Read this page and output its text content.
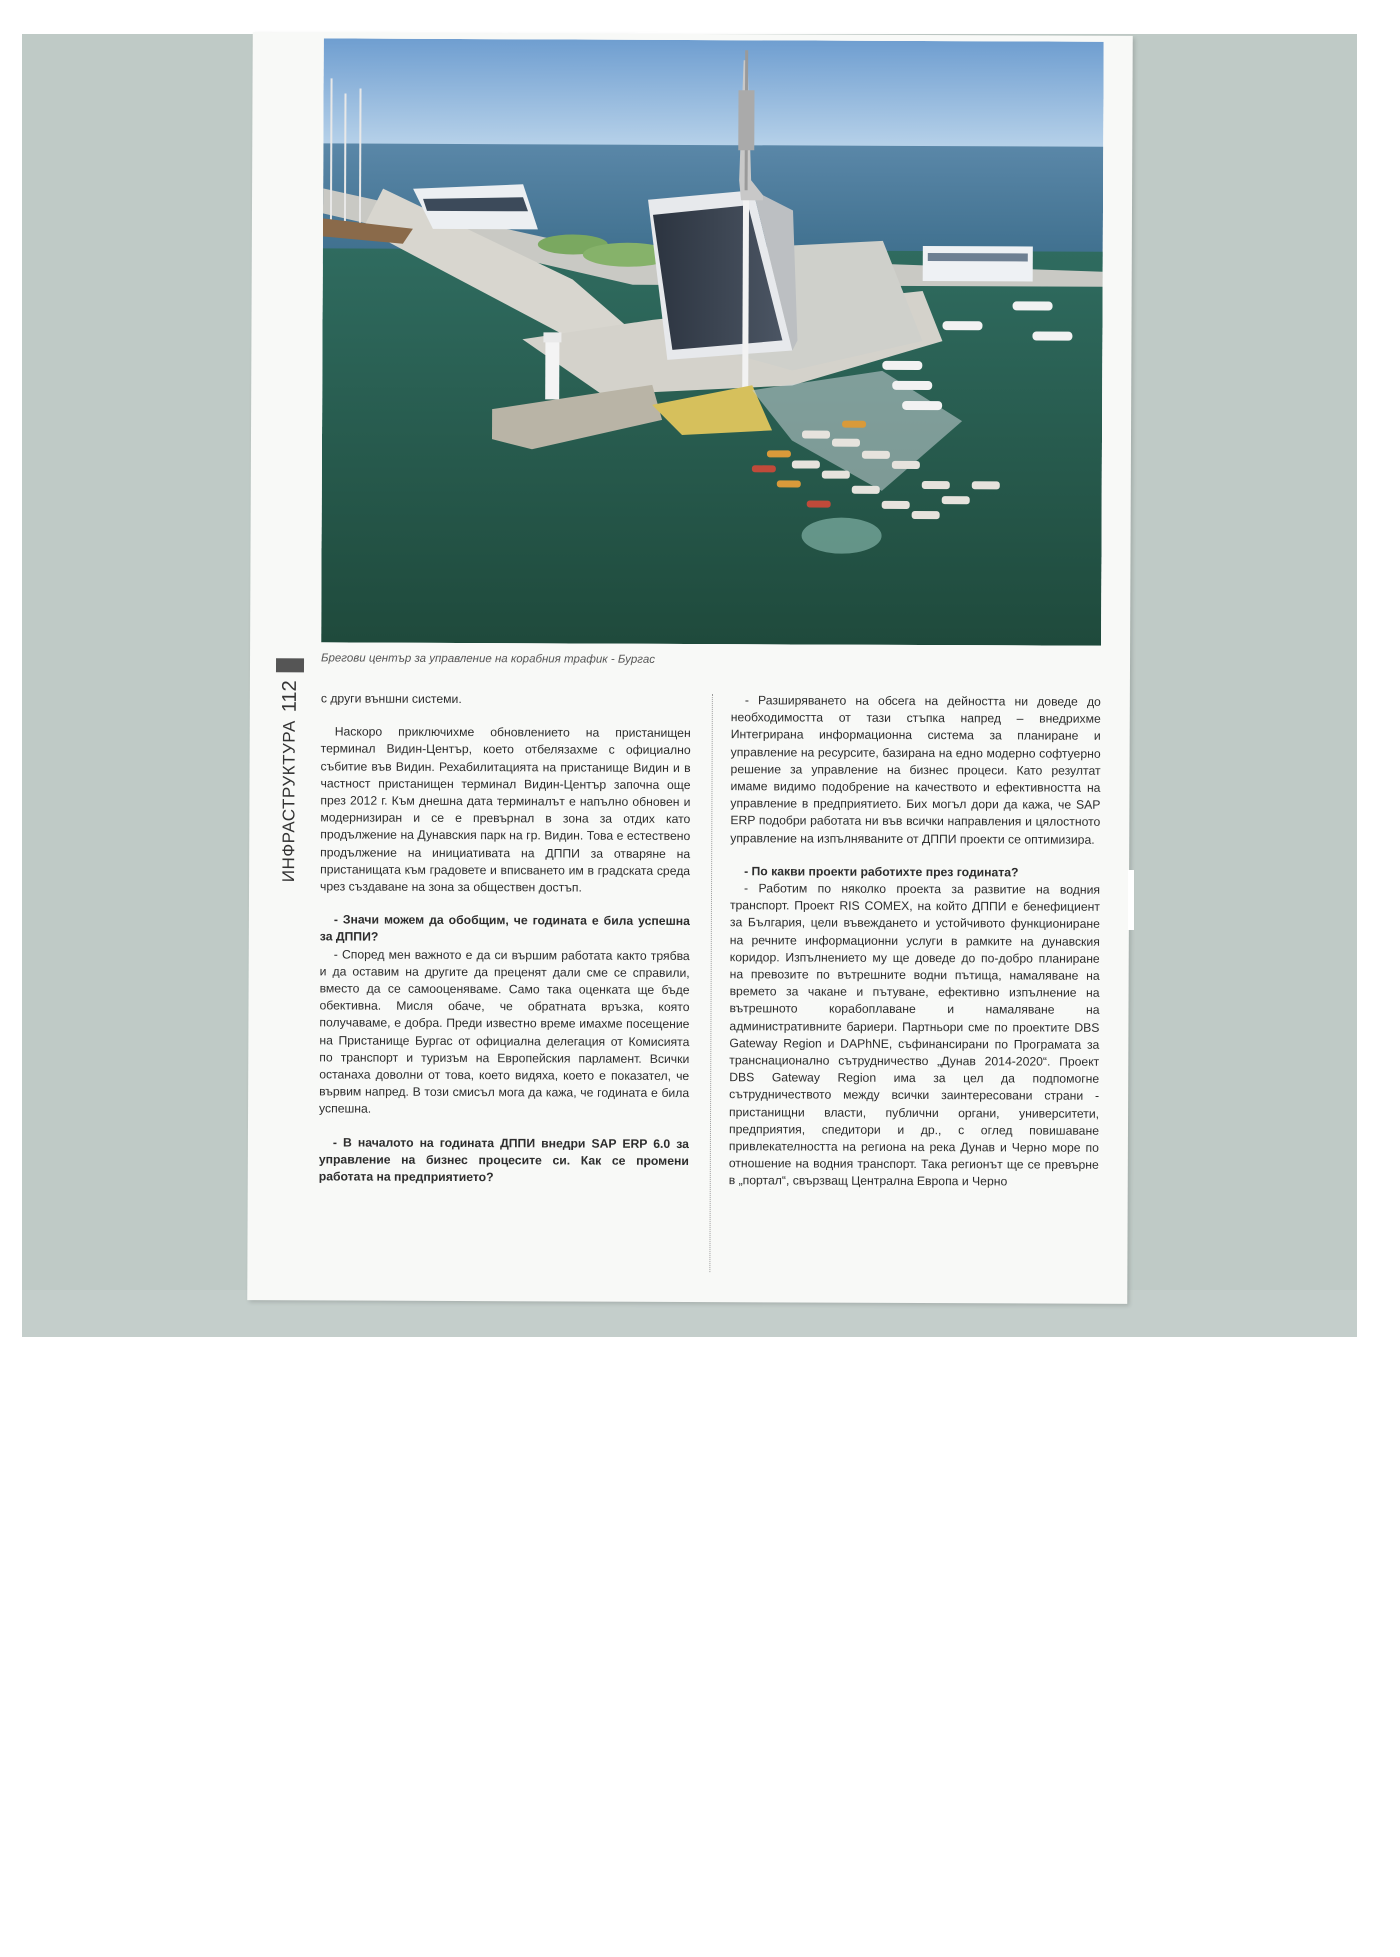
Брегови център за управление на корабния трафик - Бургас
ИНФРАСТРУКТУРА
112 с други външни системи.

Наскоро приключихме обновлението на пристанищен терминал Видин-Център, което отбелязахме с официално събитие във Видин. Рехабилитацията на пристанище Видин и в частност пристанищен терминал Видин-Център започна още през 2012 г. Към днешна дата терминалът е напълно обновен и модернизиран и се е превърнал в зона за отдих като продължение на Дунавския парк на гр. Видин. Това е естествено продължение на инициативата на ДППИ за отваряне на пристанищата към градовете и вписването им в градската среда чрез създаване на зона за обществен достъп.

- Значи можем да обобщим, че годината е била успешна за ДППИ?

- Според мен важното е да си вършим работата както трябва и да оставим на другите да преценят дали сме се справили, вместо да се самооценяваме. Само така оценката ще бъде обективна. Мисля обаче, че обратната връзка, която получаваме, е добра. Преди известно време имахме посещение на Пристанище Бургас от официална делегация от Комисията по транспорт и туризъм на Европейския парламент. Всички останаха доволни от това, което видяха, което е показател, че вървим напред. В този смисъл мога да кажа, че годината е била успешна.

- В началото на годината ДППИ внедри SAP ERP 6.0 за управление на бизнес процесите си. Как се промени работата на предприятието?

- Разширяването на обсега на дейността ни доведе до необходимостта от тази стъпка напред – внедрихме Интегрирана информационна система за планиране и управление на ресурсите, базирана на едно модерно софтуерно решение за управление на бизнес процеси. Като резултат имаме видимо подобрение на качеството и ефективността на управление в предприятието. Бих могъл дори да кажа, че SAP ERP подобри работата ни във всички направления и цялостното управление на изпълняваните от ДППИ проекти се оптимизира.

- По какви проекти работихте през годината?

- Работим по няколко проекта за развитие на водния транспорт. Проект RIS COMEX, на който ДППИ е бенефициент за България, цели въвеждането и устойчивото функциониране на речните информационни услуги в рамките на дунавския коридор. Изпълнението му ще доведе до по-добро планиране на превозите по вътрешните водни пътища, намаляване на времето за чакане и пътуване, ефективно изпълнение на вътрешното корабоплаване и намаляване на административните бариери. Партньори сме по проектите DBS Gateway Region и DAPhNE, съфинансирани по Програмата за транснационално сътрудничество „Дунав 2014-2020“. Проект DBS Gateway Region има за цел да подпомогне сътрудничеството между всички заинтересовани страни - пристанищни власти, публични органи, университети, предприятия, спедитори и др., с оглед повишаване привлекателността на региона на река Дунав и Черно море по отношение на водния транспорт. Така регионът ще се превърне в „портал“, свързващ Централна Европа и Черно
